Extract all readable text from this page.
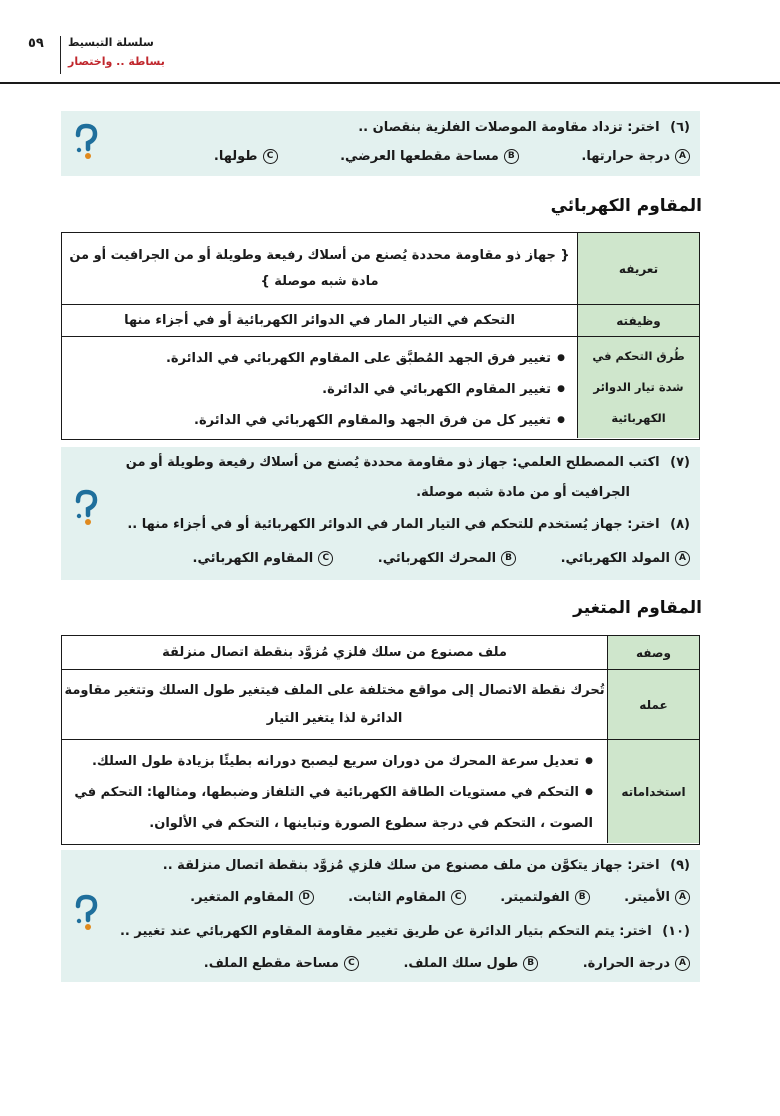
٥٩ سلسلة التبسيط
بساطة .. واختصار
(٦) اختر: تزداد مقاومة الموصلات الفلزية بنقصان ..
Aدرجة حرارتها. Bمساحة مقطعها العرضي. Cطولها.
المقاوم الكهربائي
تعريفه
{ جهاز ذو مقاومة محددة يُصنع من أسلاك رفيعة وطويلة أو من الجرافيت أو من
مادة شبه موصلة }
وظيفته
التحكم في التيار المار في الدوائر الكهربائية أو في أجزاء منها
طُرق التحكم في
شدة تيار الدوائر
الكهربائية
● تغيير فرق الجهد المُطبَّق على المقاوم الكهربائي في الدائرة.
● تغيير المقاوم الكهربائي في الدائرة.
● تغيير كل من فرق الجهد والمقاوم الكهربائي في الدائرة.
(٧) اكتب المصطلح العلمي: جهاز ذو مقاومة محددة يُصنع من أسلاك رفيعة وطويلة أو من
الجرافيت أو من مادة شبه موصلة.
(٨) اختر: جهاز يُستخدم للتحكم في التيار المار في الدوائر الكهربائية أو في أجزاء منها ..
Aالمولد الكهربائي. Bالمحرك الكهربائي. Cالمقاوم الكهربائي.
المقاوم المتغير
وصفه
ملف مصنوع من سلك فلزي مُزوَّد بنقطة اتصال منزلقة
عمله
تُحرك نقطة الاتصال إلى مواقع مختلفة على الملف فيتغير طول السلك وتتغير مقاومة
الدائرة لذا يتغير التيار
استخداماته
● تعديل سرعة المحرك من دوران سريع ليصبح دورانه بطيئًا بزيادة طول السلك.
● التحكم في مستويات الطاقة الكهربائية في التلفاز وضبطها، ومثالها: التحكم في
الصوت ، التحكم في درجة سطوع الصورة وتباينها ، التحكم في الألوان.
(٩) اختر: جهاز يتكوَّن من ملف مصنوع من سلك فلزي مُزوَّد بنقطة اتصال منزلقة ..
Aالأميتر. Bالفولتميتر. Cالمقاوم الثابت. Dالمقاوم المتغير.
(١٠) اختر: يتم التحكم بتيار الدائرة عن طريق تغيير مقاومة المقاوم الكهربائي عند تغيير ..
Aدرجة الحرارة. Bطول سلك الملف. Cمساحة مقطع الملف.
